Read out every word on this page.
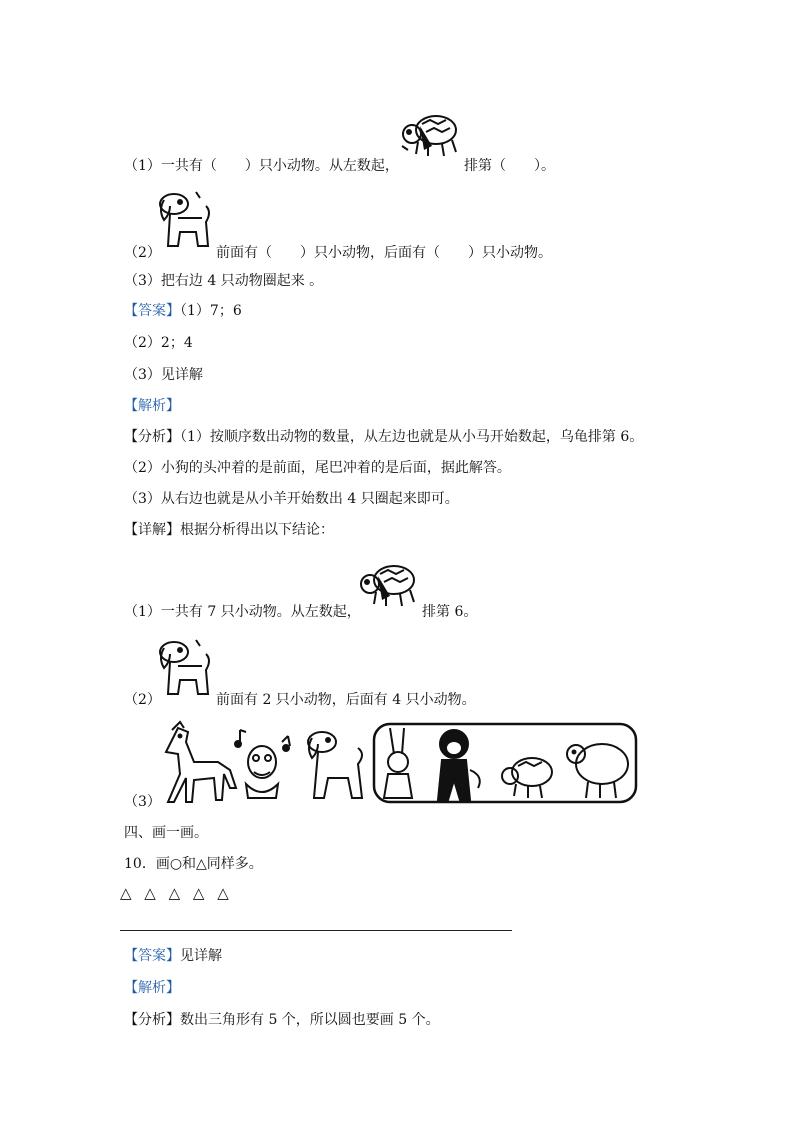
（1）一共有（　　）只小动物。从左数起，	排第（　　）。
（2）	前面有（　　）只小动物，后面有（　　）只小动物。
（3）把右边 4 只动物圈起来 。
【答案】（1）7；6
（2）2；4
（3）见详解
【解析】
【分析】（1）按顺序数出动物的数量，从左边也就是从小马开始数起，乌龟排第 6。
（2）小狗的头冲着的是前面，尾巴冲着的是后面，据此解答。
（3）从右边也就是从小羊开始数出 4 只圈起来即可。
【详解】根据分析得出以下结论：
（1）一共有 7 只小动物。从左数起，	排第 6。
（2）	前面有 2 只小动物，后面有 4 只小动物。
（3）
四、画一画。
10．画○和△同样多。
△ △ △ △ △
【答案】见详解
【解析】
【分析】数出三角形有 5 个，所以圆也要画 5 个。
